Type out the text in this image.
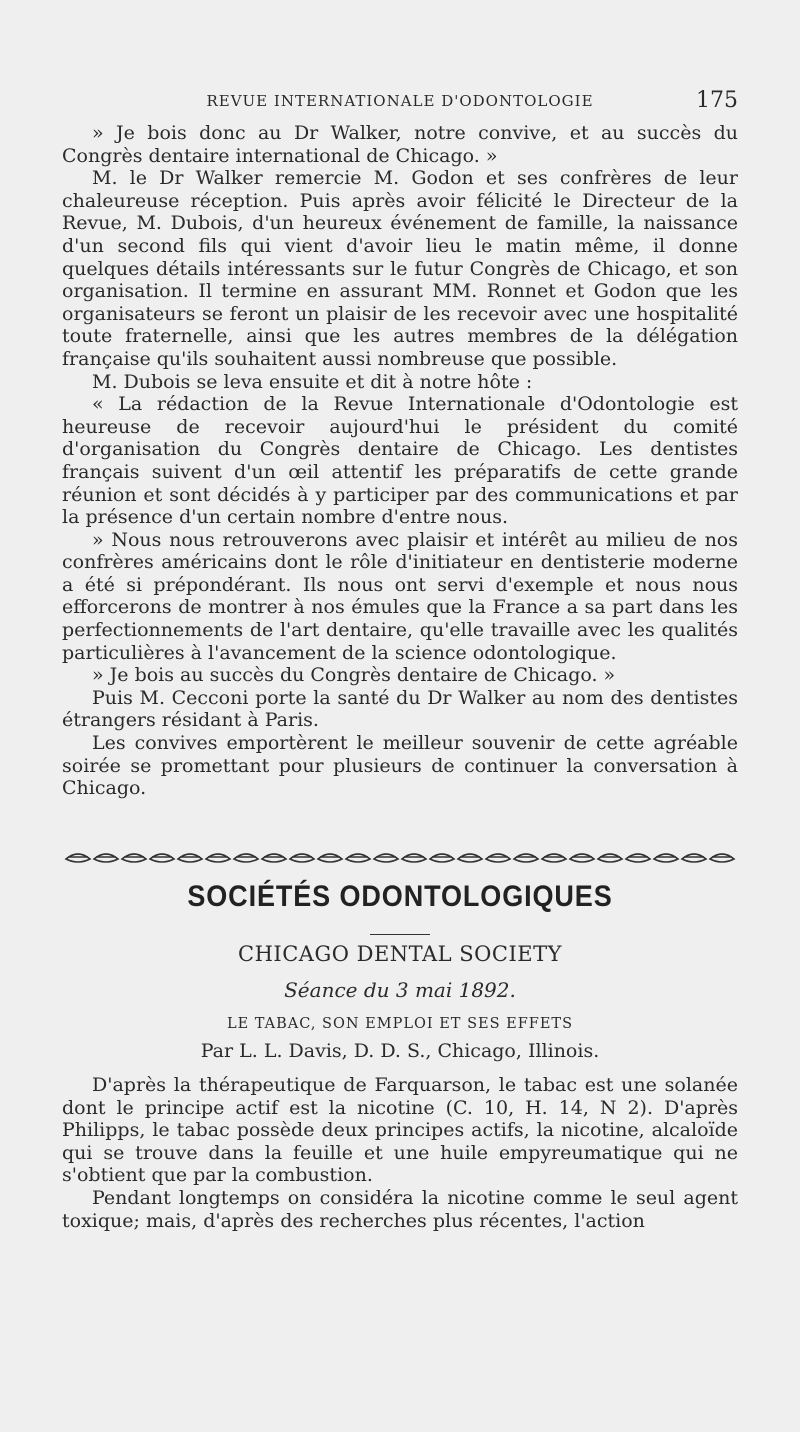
REVUE INTERNATIONALE D'ODONTOLOGIE	175

» Je bois donc au Dr Walker, notre convive, et au succès du Congrès dentaire international de Chicago. »

M. le Dr Walker remercie M. Godon et ses confrères de leur chaleureuse réception. Puis après avoir félicité le Directeur de la Revue, M. Dubois, d'un heureux événement de famille, la naissance d'un second fils qui vient d'avoir lieu le matin même, il donne quelques détails intéressants sur le futur Congrès de Chicago, et son organisation. Il termine en assurant MM. Ronnet et Godon que les organisateurs se feront un plaisir de les recevoir avec une hospitalité toute fraternelle, ainsi que les autres membres de la délégation française qu'ils souhaitent aussi nombreuse que possible.

M. Dubois se leva ensuite et dit à notre hôte :

« La rédaction de la Revue Internationale d'Odontologie est heureuse de recevoir aujourd'hui le président du comité d'organisation du Congrès dentaire de Chicago. Les dentistes français suivent d'un œil attentif les préparatifs de cette grande réunion et sont décidés à y participer par des communications et par la présence d'un certain nombre d'entre nous.

» Nous nous retrouverons avec plaisir et intérêt au milieu de nos confrères américains dont le rôle d'initiateur en dentisterie moderne a été si prépondérant. Ils nous ont servi d'exemple et nous nous efforcerons de montrer à nos émules que la France a sa part dans les perfectionnements de l'art dentaire, qu'elle travaille avec les qualités particulières à l'avancement de la science odontologique.

» Je bois au succès du Congrès dentaire de Chicago. »

Puis M. Cecconi porte la santé du Dr Walker au nom des dentistes étrangers résidant à Paris.

Les convives emportèrent le meilleur souvenir de cette agréable soirée se promettant pour plusieurs de continuer la conversation à Chicago.

SOCIÉTÉS ODONTOLOGIQUES
CHICAGO DENTAL SOCIETY
Séance du 3 mai 1892.
LE TABAC, SON EMPLOI ET SES EFFETS
Par L. L. Davis, D. D. S., Chicago, Illinois.

D'après la thérapeutique de Farquarson, le tabac est une solanée dont le principe actif est la nicotine (C. 10, H. 14, N 2). D'après Philipps, le tabac possède deux principes actifs, la nicotine, alcaloïde qui se trouve dans la feuille et une huile empyreumatique qui ne s'obtient que par la combustion.

Pendant longtemps on considéra la nicotine comme le seul agent toxique; mais, d'après des recherches plus récentes, l'action
